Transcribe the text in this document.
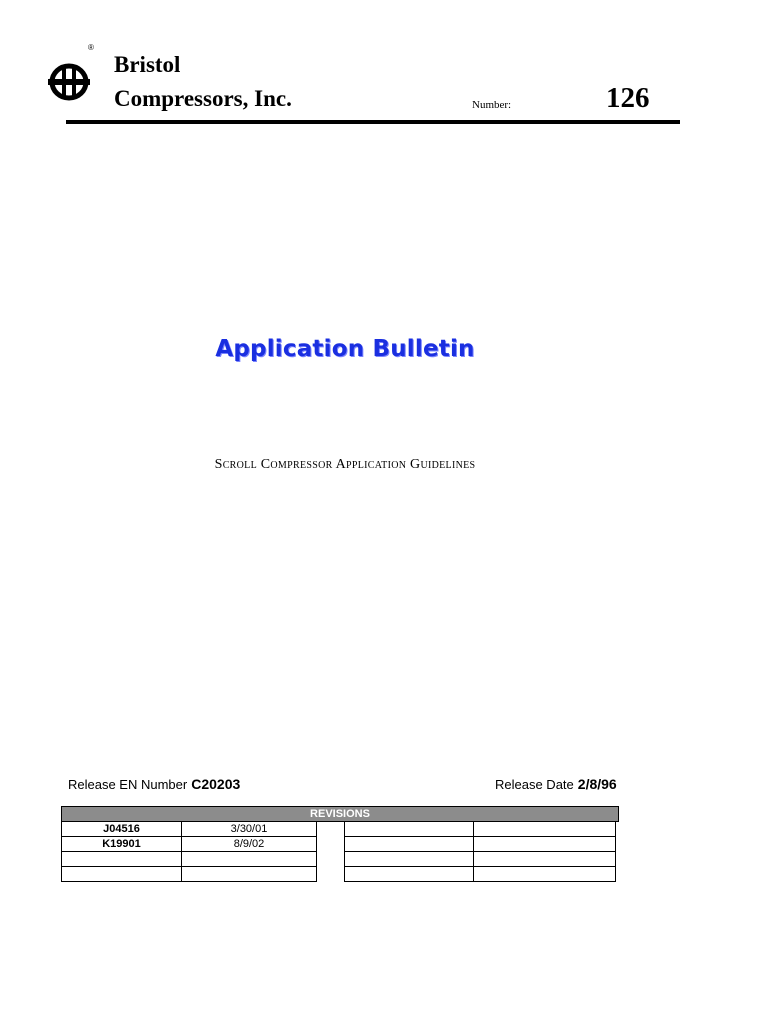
®
Bristol
Compressors, Inc.	Number:	126
Application Bulletin
Scroll Compressor Application Guidelines
Release EN Number C20203	Release Date 2/8/96
REVISIONS
J04516	3/30/01
K19901	8/9/02
